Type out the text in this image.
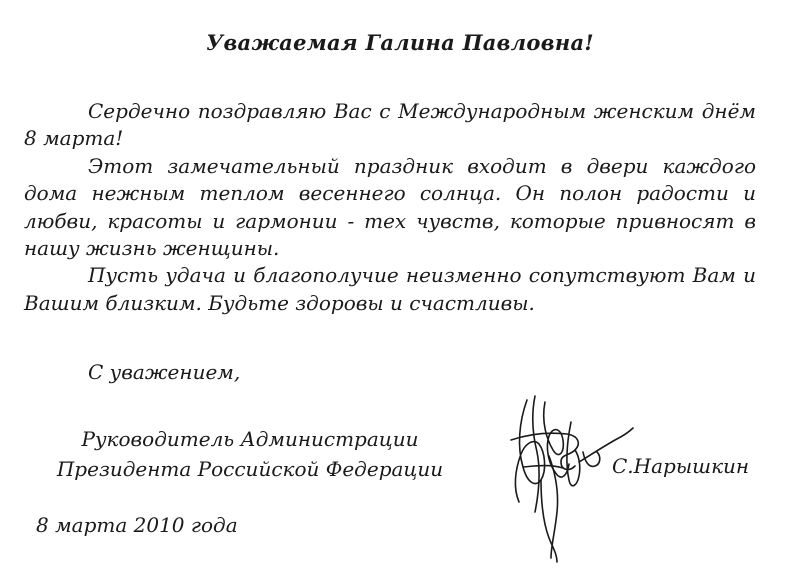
Уважаемая Галина Павловна!

Сердечно поздравляю Вас с Международным женским днём 8 марта!

Этот замечательный праздник входит в двери каждого дома нежным теплом весеннего солнца. Он полон радости и любви, красоты и гармонии - тех чувств, которые привносят в нашу жизнь женщины.

Пусть удача и благополучие неизменно сопутствуют Вам и Вашим близким. Будьте здоровы и счастливы.

С уважением,
Руководитель Администрации
Президента Российской Федерации	С.Нарышкин
8 марта 2010 года
